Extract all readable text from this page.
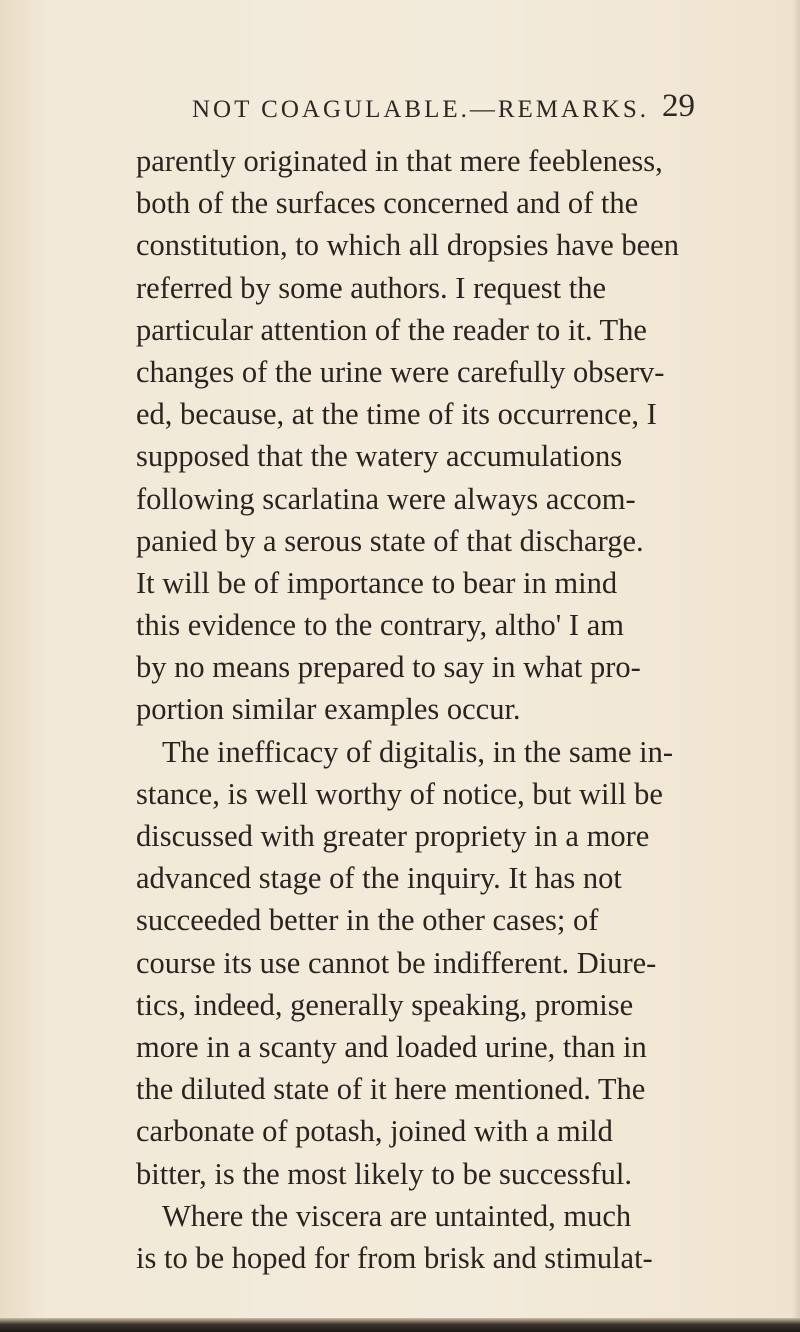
NOT COAGULABLE.—REMARKS. 29
parently originated in that mere feebleness,
both of the surfaces concerned and of the
constitution, to which all dropsies have been
referred by some authors. I request the
particular attention of the reader to it. The
changes of the urine were carefully observ-
ed, because, at the time of its occurrence, I
supposed that the watery accumulations
following scarlatina were always accom-
panied by a serous state of that discharge.
It will be of importance to bear in mind
this evidence to the contrary, altho' I am
by no means prepared to say in what pro-
portion similar examples occur.
The inefficacy of digitalis, in the same in-
stance, is well worthy of notice, but will be
discussed with greater propriety in a more
advanced stage of the inquiry. It has not
succeeded better in the other cases; of
course its use cannot be indifferent. Diure-
tics, indeed, generally speaking, promise
more in a scanty and loaded urine, than in
the diluted state of it here mentioned. The
carbonate of potash, joined with a mild
bitter, is the most likely to be successful.
Where the viscera are untainted, much
is to be hoped for from brisk and stimulat-
